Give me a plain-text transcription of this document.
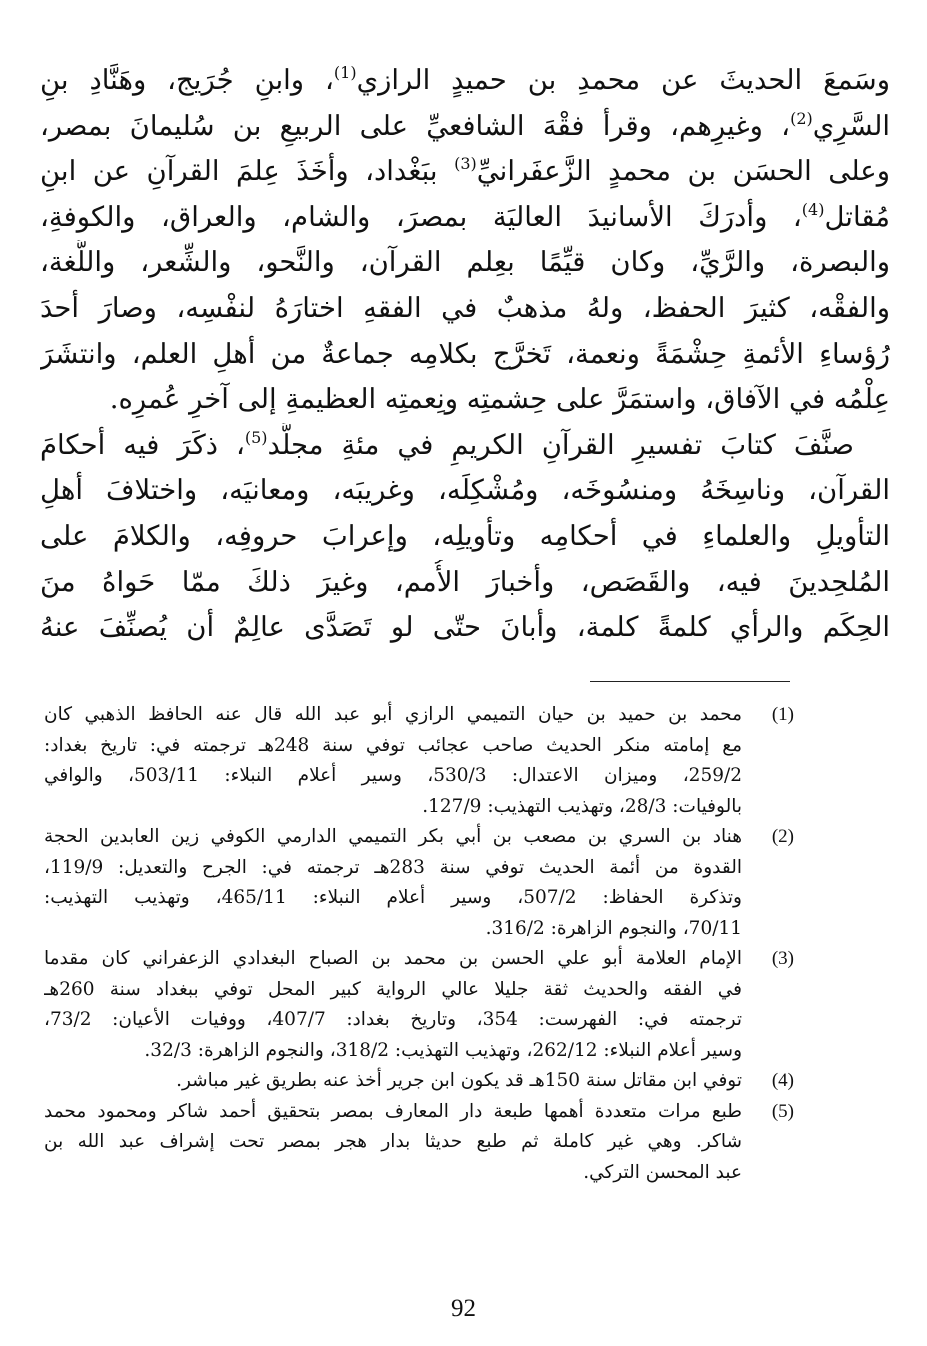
وسَمعَ الحديثَ عن محمدِ بن حميدٍ الرازي$^{(1)}$، وابنِ جُرَيج، وهَنَّادِ بنِ
السَّرِي$^{(2)}$، وغيرِهم، وقرأ فقْهَ الشافعيِّ على الربيعِ بن سُليمانَ بمصر،
وعلى الحسَن بن محمدٍ الزَّعفَرانيِّ$^{(3)}$ ببَغْداد، وأخَذَ عِلمَ القرآنِ عن ابنِ
مُقاتل$^{(4)}$، وأدرَكَ الأسانيدَ العاليَة بمصرَ، والشام، والعراق، والكوفةِ،
والبصرة، والرَّيِّ، وكان قيِّمًا بعِلم القرآن، والنَّحو، والشِّعر، واللُّغة،
والفقْه، كثيرَ الحفظ، ولهُ مذهبٌ في الفقهِ اختارَهُ لنفْسِه، وصارَ أحدَ
رُؤساءِ الأئمةِ حِشْمَةً ونعمة، تَخرَّج بكلامِه جماعةٌ من أهلِ العلم، وانتشَرَ
عِلْمُه في الآفاق، واستمَرَّ على حِشمتِه ونِعمتِه العظيمةِ إلى آخرِ عُمرِه.
صنَّفَ كتابَ تفسيرِ القرآنِ الكريمِ في مئةِ مجلَّد$^{(5)}$، ذكَرَ فيه أحكامَ
القرآن، وناسِخَهُ ومنسُوخَه، ومُشْكِلَه، وغريبَه، ومعانيَه، واختلافَ أهلِ
التأويلِ والعلماءِ في أحكامِه وتأويلِه، وإعرابَ حروفِه، والكلامَ على
المُلحِدينَ فيه، والقَصَص، وأخبارَ الأُمم، وغيرَ ذلكَ ممّا حَواهُ منَ
الحِكَم والرأي كلمةً كلمة، وأبانَ حتّى لو تَصَدَّى عالِمٌ أن يُصنِّفَ عنهُ
(1)
محمد بن حميد بن حيان التميمي الرازي أبو عبد الله قال عنه الحافظ الذهبي كان
مع إمامته منكر الحديث صاحب عجائب توفي سنة 248هـ ترجمته في: تاريخ بغداد:
259/2، وميزان الاعتدال: 530/3، وسير أعلام النبلاء: 503/11، والوافي
بالوفيات: 28/3، وتهذيب التهذيب: 127/9.
(2)
هناد بن السري بن مصعب بن أبي بكر التميمي الدارمي الكوفي زين العابدين الحجة
القدوة من أئمة الحديث توفي سنة 283هـ ترجمته في: الجرح والتعديل: 119/9،
وتذكرة الحفاظ: 507/2، وسير أعلام النبلاء: 465/11، وتهذيب التهذيب:
70/11، والنجوم الزاهرة: 316/2.
(3)
الإمام العلامة أبو علي الحسن بن محمد بن الصباح البغدادي الزعفراني كان مقدما
في الفقه والحديث ثقة جليلا عالي الرواية كبير المحل توفي ببغداد سنة 260هـ
ترجمته في: الفهرست: 354، وتاريخ بغداد: 407/7، ووفيات الأعيان: 73/2،
وسير أعلام النبلاء: 262/12، وتهذيب التهذيب: 318/2، والنجوم الزاهرة: 32/3.
(4)
توفي ابن مقاتل سنة 150هـ قد يكون ابن جرير أخذ عنه بطريق غير مباشر.
(5)
طبع مرات متعددة أهمها طبعة دار المعارف بمصر بتحقيق أحمد شاكر ومحمود محمد
شاكر. وهي غير كاملة ثم طبع حديثا بدار هجر بمصر تحت إشراف عبد الله بن
عبد المحسن التركي.
92
